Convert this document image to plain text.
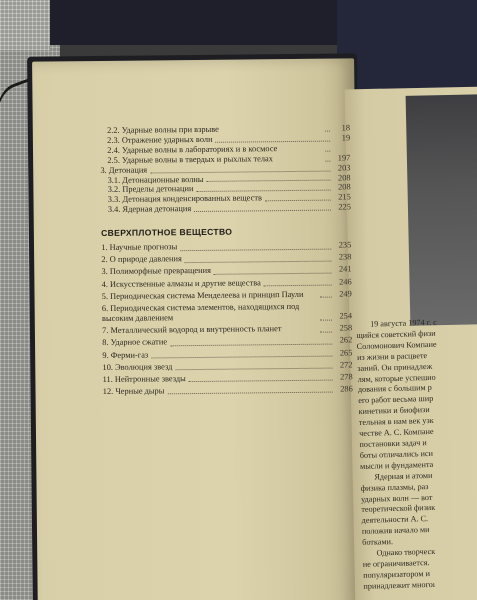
2.2. Ударные волны при взрыве	18
2.3. Отражение ударных волн	19
2.4. Ударные волны в лабораториях и в космосе
2.5. Ударные волны в твердых и рыхлых телах	197
3. Детонация	203
3.1. Детонационные волны	208
3.2. Пределы детонации	208
3.3. Детонация конденсированных веществ	215
3.4. Ядерная детонация	225
СВЕРХПЛОТНОЕ ВЕЩЕСТВО
1. Научные прогнозы	235
2. О природе давления	238
3. Полиморфные превращения	241
4. Искусственные алмазы и другие вещества	246
5. Периодическая система Менделеева и принцип Паули	249
6. Периодическая система элементов, находящихся под высоким давлением	254
7. Металлический водород и внутренность планет	258
8. Ударное сжатие	262
9. Ферми-газ	265
10. Эволюция звезд	272
11. Нейтронные звезды	278
12. Черные дыры	286
19 августа 1974 г. с
щийся советский физи
Соломонович Компане
из жизни в расцвете
заний. Он принадлеж
лям, которые успешно
дования с большим р
его работ весьма шир
кинетики и биофизи
тельная в нам век узк
честве А. С. Компане
постановки задач и
боты отличались исн
мысли и фундамента
Ядерная и атомн
физика плазмы, раз
ударных волн — вот
теоретической физик
деятельности А. С.
положив начало ми
ботками.
Однако творческ
не ограничивается.
популяризатором и
принадлежит многоı
